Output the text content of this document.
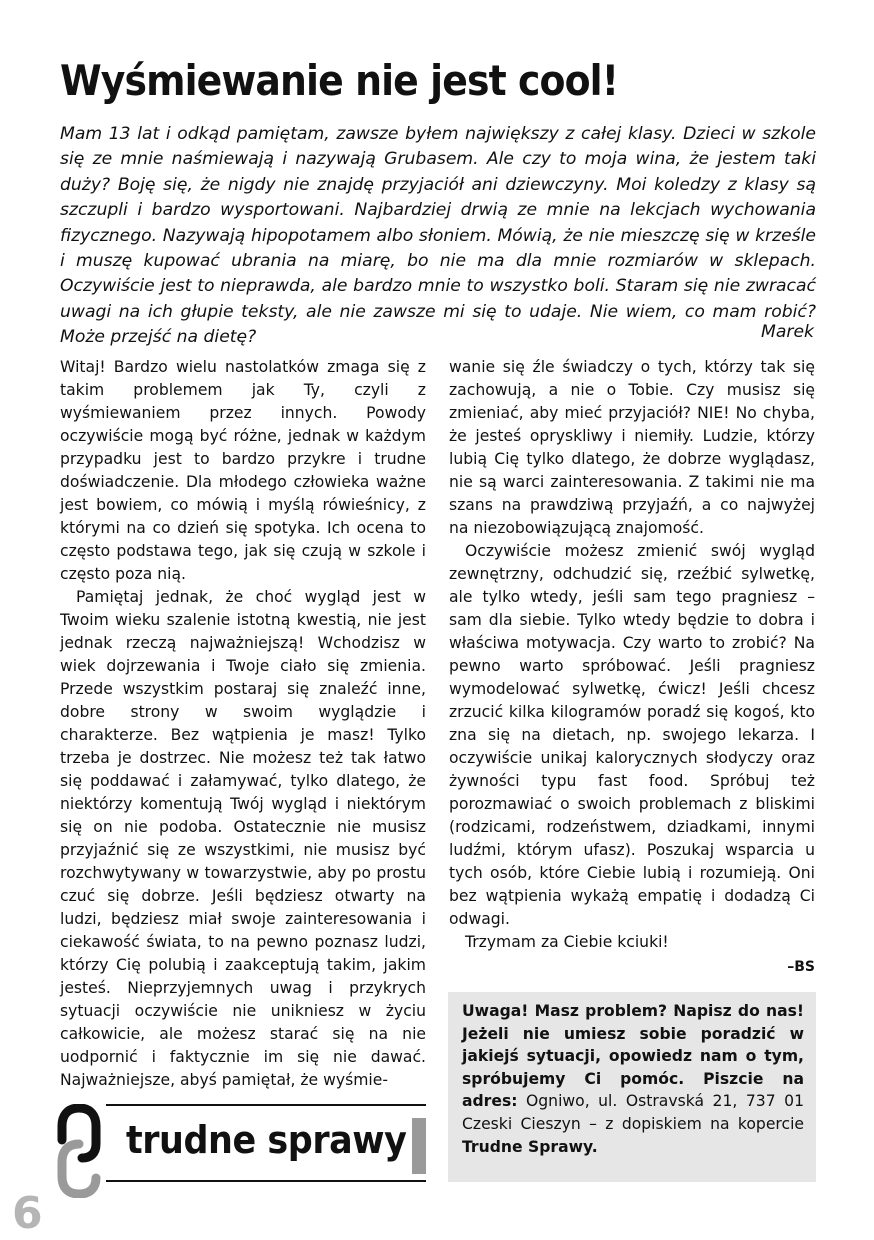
Wyśmiewanie nie jest cool!

Mam 13 lat i odkąd pamiętam, zawsze byłem największy z całej klasy. Dzieci w szkole się ze mnie naśmiewają i nazywają Grubasem. Ale czy to moja wina, że jestem taki duży? Boję się, że nigdy nie znajdę przyjaciół ani dziewczyny. Moi koledzy z klasy są szczupli i bardzo wysportowani. Najbardziej drwią ze mnie na lekcjach wychowania fizycznego. Nazywają hipopotamem albo słoniem. Mówią, że nie mieszczę się w krześle i muszę kupować ubrania na miarę, bo nie ma dla mnie rozmiarów w sklepach. Oczywiście jest to nieprawda, ale bardzo mnie to wszystko boli. Staram się nie zwracać uwagi na ich głupie teksty, ale nie zawsze mi się to udaje. Nie wiem, co mam robić? Może przejść na dietę?	Marek

Witaj! Bardzo wielu nastolatków zmaga się z takim problemem jak Ty, czyli z wyśmiewaniem przez innych. Powody oczywiście mogą być różne, jednak w każdym przypadku jest to bardzo przykre i trudne doświadczenie. Dla młodego człowieka ważne jest bowiem, co mówią i myślą rówieśnicy, z którymi na co dzień się spotyka. Ich ocena to często podstawa tego, jak się czują w szkole i często poza nią.

Pamiętaj jednak, że choć wygląd jest w Twoim wieku szalenie istotną kwestią, nie jest jednak rzeczą najważniejszą! Wchodzisz w wiek dojrzewania i Twoje ciało się zmienia. Przede wszystkim postaraj się znaleźć inne, dobre strony w swoim wyglądzie i charakterze. Bez wątpienia je masz! Tylko trzeba je dostrzec. Nie możesz też tak łatwo się poddawać i załamywać, tylko dlatego, że niektórzy komentują Twój wygląd i niektórym się on nie podoba. Ostatecznie nie musisz przyjaźnić się ze wszystkimi, nie musisz być rozchwytywany w towarzystwie, aby po prostu czuć się dobrze. Jeśli będziesz otwarty na ludzi, będziesz miał swoje zainteresowania i ciekawość świata, to na pewno poznasz ludzi, którzy Cię polubią i zaakceptują takim, jakim jesteś. Nieprzyjemnych uwag i przykrych sytuacji oczywiście nie unikniesz w życiu całkowicie, ale możesz starać się na nie uodpornić i faktycznie im się nie dawać. Najważniejsze, abyś pamiętał, że wyśmie-

wanie się źle świadczy o tych, którzy tak się zachowują, a nie o Tobie. Czy musisz się zmieniać, aby mieć przyjaciół? NIE! No chyba, że jesteś opryskliwy i niemiły. Ludzie, którzy lubią Cię tylko dlatego, że dobrze wyglądasz, nie są warci zainteresowania. Z takimi nie ma szans na prawdziwą przyjaźń, a co najwyżej na niezobowiązującą znajomość.

Oczywiście możesz zmienić swój wygląd zewnętrzny, odchudzić się, rzeźbić sylwetkę, ale tylko wtedy, jeśli sam tego pragniesz – sam dla siebie. Tylko wtedy będzie to dobra i właściwa motywacja. Czy warto to zrobić? Na pewno warto spróbować. Jeśli pragniesz wymodelować sylwetkę, ćwicz! Jeśli chcesz zrzucić kilka kilogramów poradź się kogoś, kto zna się na dietach, np. swojego lekarza. I oczywiście unikaj kalorycznych słodyczy oraz żywności typu fast food. Spróbuj też porozmawiać o swoich problemach z bliskimi (rodzicami, rodzeństwem, dziadkami, innymi ludźmi, którym ufasz). Poszukaj wsparcia u tych osób, które Ciebie lubią i rozumieją. Oni bez wątpienia wykażą empatię i dodadzą Ci odwagi.

Trzymam za Ciebie kciuki!

–BS

Uwaga! Masz problem? Napisz do nas! Jeżeli nie umiesz sobie poradzić w jakiejś sytuacji, opowiedz nam o tym, spróbujemy Ci pomóc. Piszcie na adres: Ogniwo, ul. Ostravská 21, 737 01 Czeski Cieszyn – z dopiskiem na kopercie Trudne Sprawy.

trudne sprawy
6
